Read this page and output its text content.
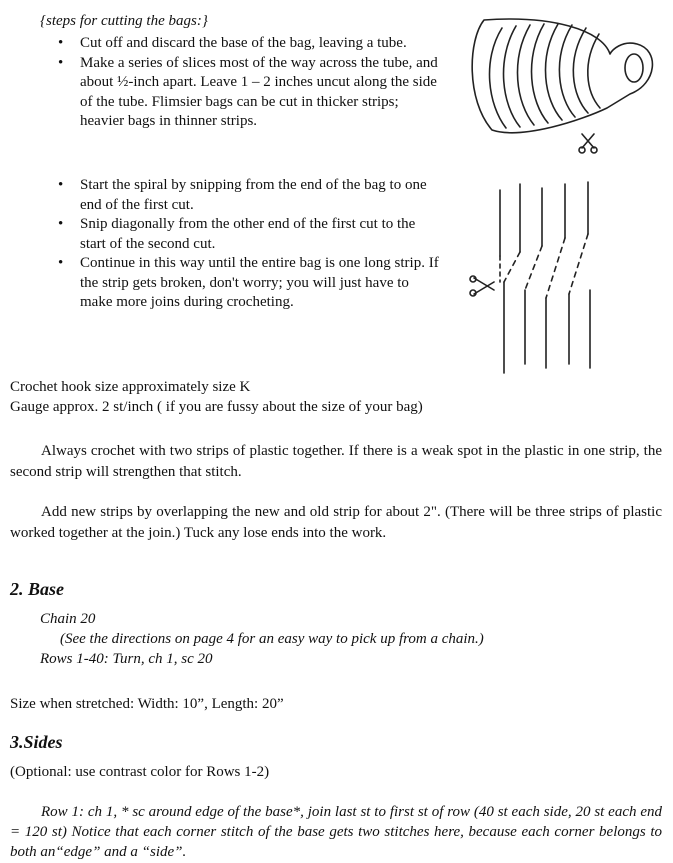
{steps for cutting the bags:}
• Cut off and discard the base of the bag, leaving a tube.
• Make a series of slices most of the way across the tube, and about ½-inch apart. Leave 1 – 2 inches uncut along the side of the tube. Flimsier bags can be cut in thicker strips; heavier bags in thinner strips.
• Start the spiral by snipping from the end of the bag to one end of the first cut.
• Snip diagonally from the other end of the first cut to the start of the second cut.
• Continue in this way until the entire bag is one long strip. If the strip gets broken, don't worry; you will just have to make more joins during crocheting.
Crochet hook size approximately size K
Gauge approx. 2 st/inch ( if you are fussy about the size of your bag)
Always crochet with two strips of plastic together. If there is a weak spot in the plastic in one strip, the second strip will strengthen that stitch.
Add new strips by overlapping the new and old strip for about 2". (There will be three strips of plastic worked together at the join.) Tuck any lose ends into the work.
2. Base
Chain 20
(See the directions on page 4 for an easy way to pick up from a chain.)
Rows 1-40: Turn, ch 1, sc 20
Size when stretched: Width: 10”, Length: 20”
3.Sides
(Optional: use contrast color for Rows 1-2)
Row 1: ch 1, * sc around edge of the base*, join last st to first st of row (40 st each side, 20 st each end = 120 st) Notice that each corner stitch of the base gets two stitches here, because each corner belongs to both an“edge” and a “side”.
